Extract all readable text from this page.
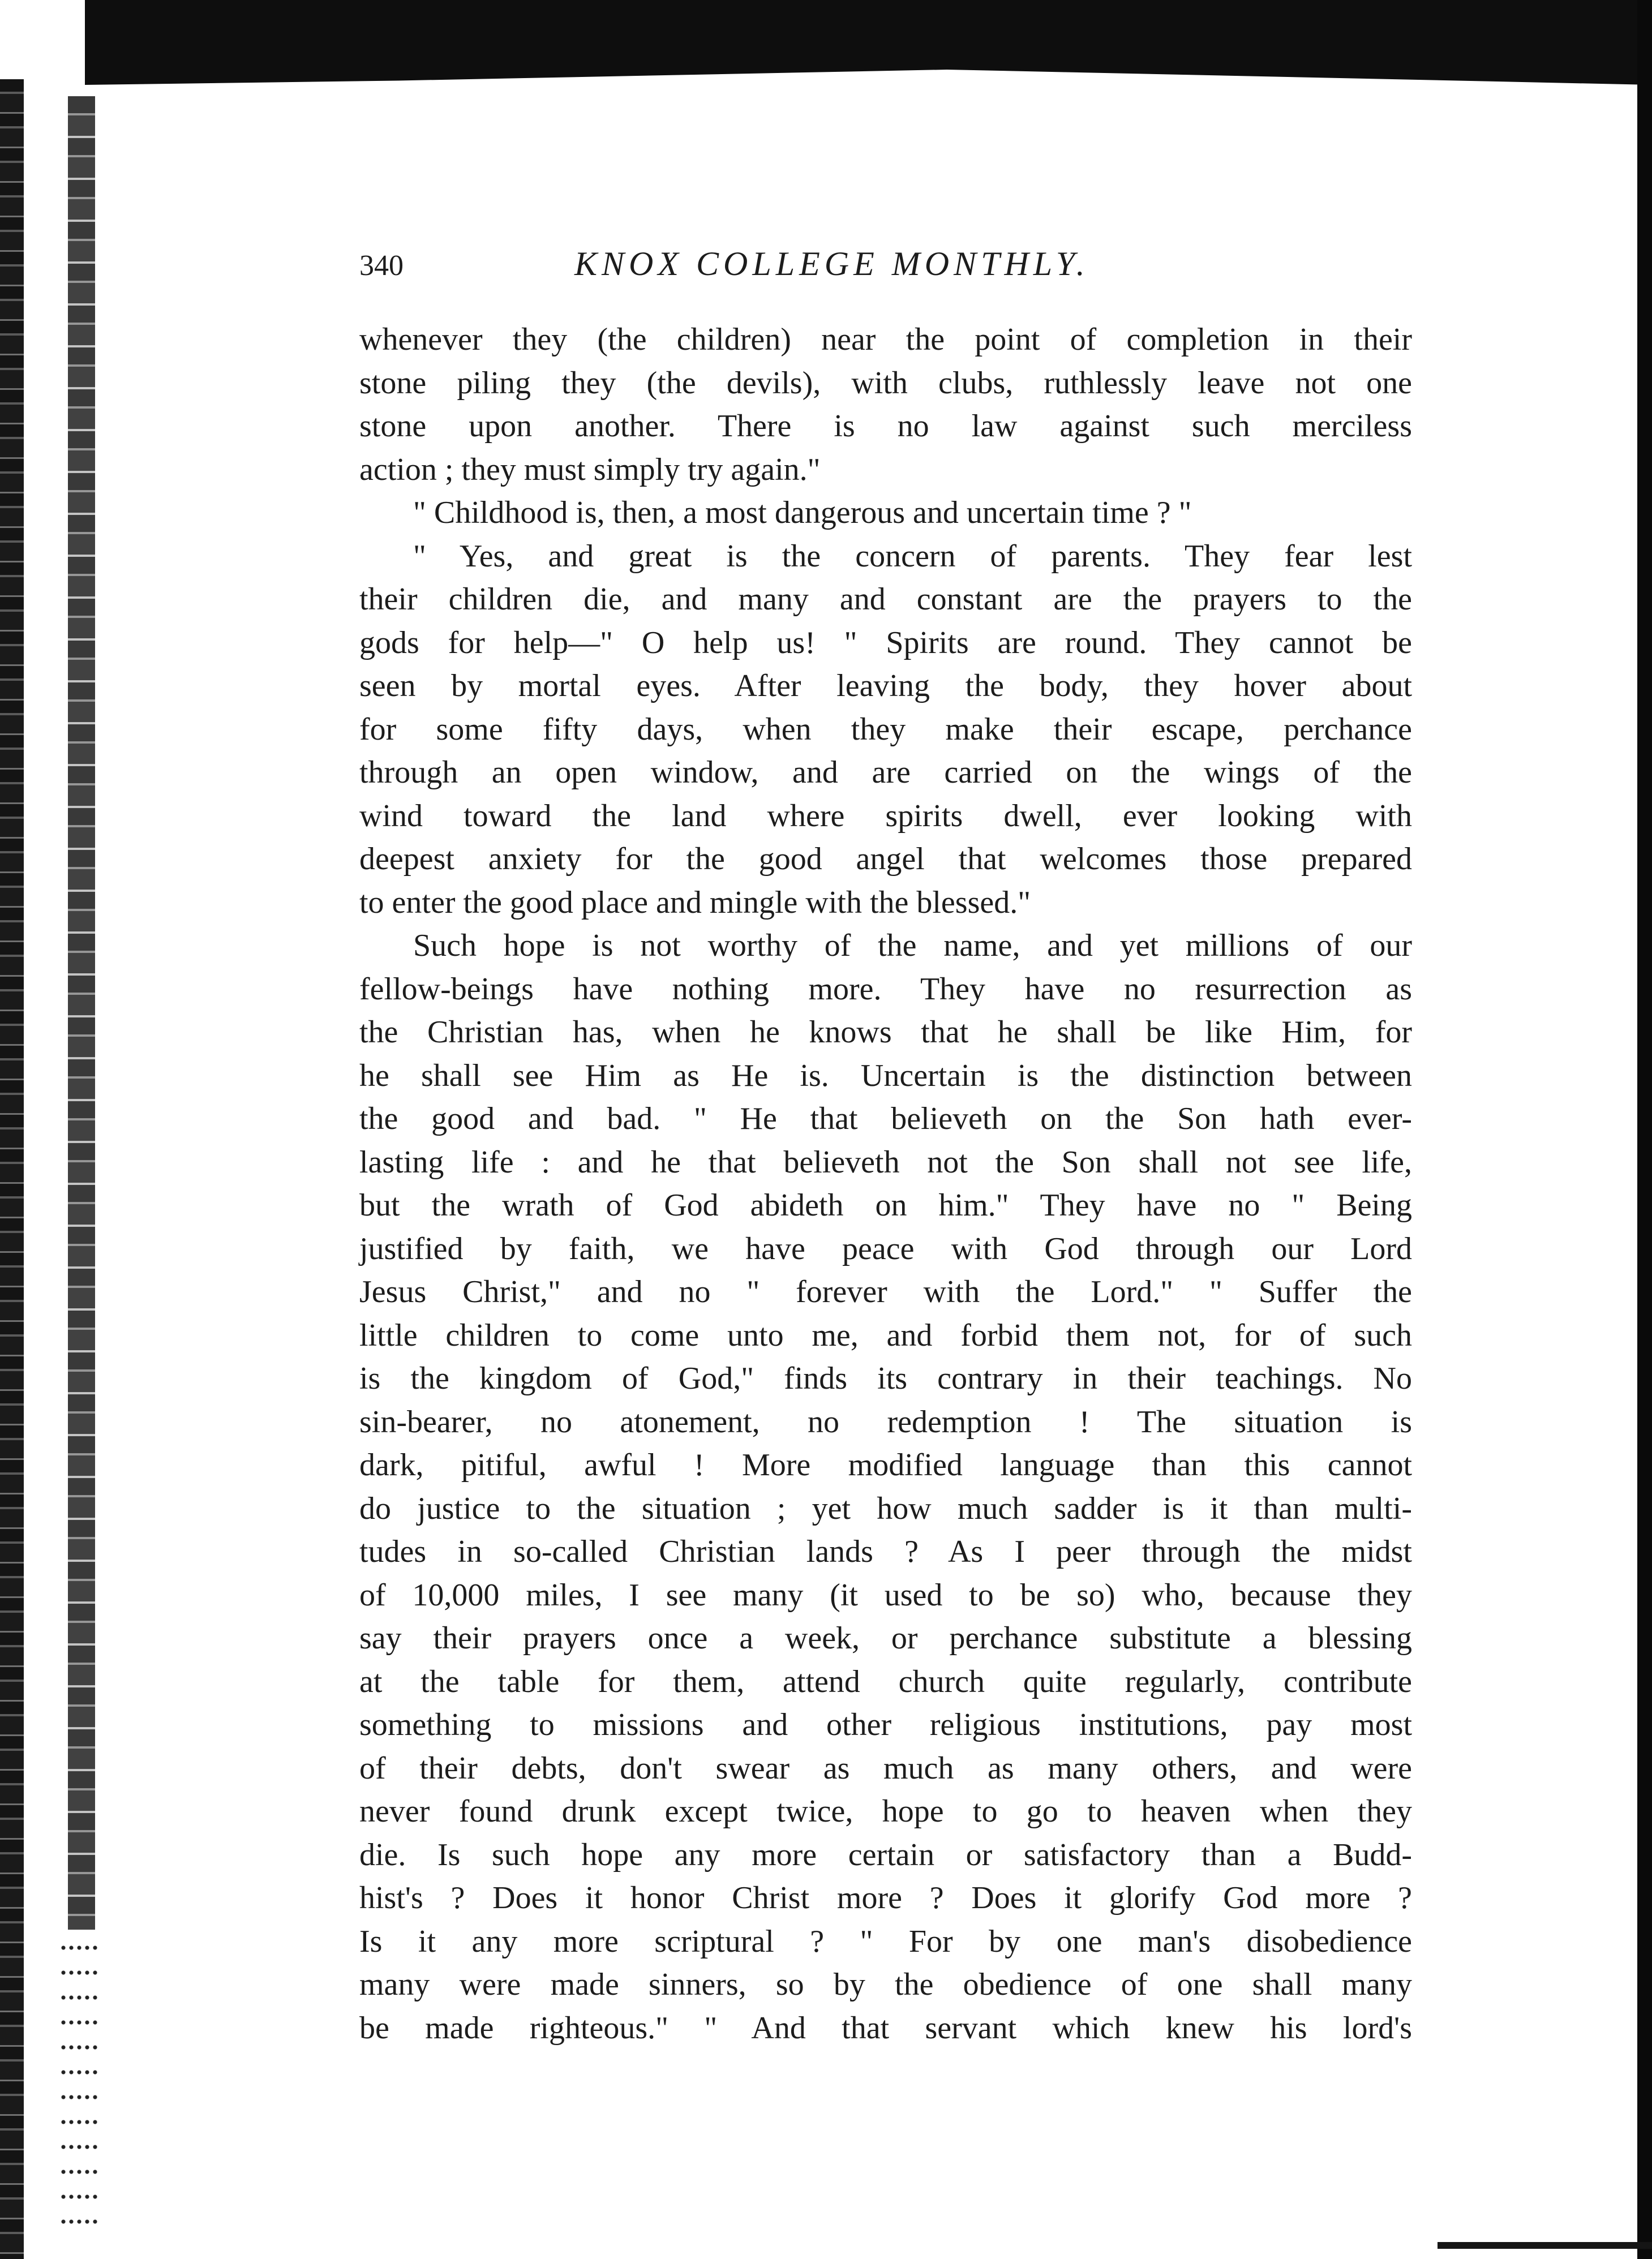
340	KNOX COLLEGE MONTHLY.
whenever they (the children) near the point of completion in their
stone piling they (the devils), with clubs, ruthlessly leave not one
stone upon another. There is no law against such merciless
action ; they must simply try again."
" Childhood is, then, a most dangerous and uncertain time ? "
" Yes, and great is the concern of parents. They fear lest
their children die, and many and constant are the prayers to the
gods for help—" O help us! " Spirits are round. They cannot be
seen by mortal eyes. After leaving the body, they hover about
for some fifty days, when they make their escape, perchance
through an open window, and are carried on the wings of the
wind toward the land where spirits dwell, ever looking with
deepest anxiety for the good angel that welcomes those prepared
to enter the good place and mingle with the blessed."
Such hope is not worthy of the name, and yet millions of our
fellow-beings have nothing more. They have no resurrection as
the Christian has, when he knows that he shall be like Him, for
he shall see Him as He is. Uncertain is the distinction between
the good and bad. " He that believeth on the Son hath ever-
lasting life : and he that believeth not the Son shall not see life,
but the wrath of God abideth on him." They have no " Being
justified by faith, we have peace with God through our Lord
Jesus Christ," and no " forever with the Lord." " Suffer the
little children to come unto me, and forbid them not, for of such
is the kingdom of God," finds its contrary in their teachings. No
sin-bearer, no atonement, no redemption ! The situation is
dark, pitiful, awful ! More modified language than this cannot
do justice to the situation ; yet how much sadder is it than multi-
tudes in so-called Christian lands ? As I peer through the midst
of 10,000 miles, I see many (it used to be so) who, because they
say their prayers once a week, or perchance substitute a blessing
at the table for them, attend church quite regularly, contribute
something to missions and other religious institutions, pay most
of their debts, don't swear as much as many others, and were
never found drunk except twice, hope to go to heaven when they
die. Is such hope any more certain or satisfactory than a Budd-
hist's ? Does it honor Christ more ? Does it glorify God more ?
Is it any more scriptural ? " For by one man's disobedience
many were made sinners, so by the obedience of one shall many
be made righteous." " And that servant which knew his lord's
